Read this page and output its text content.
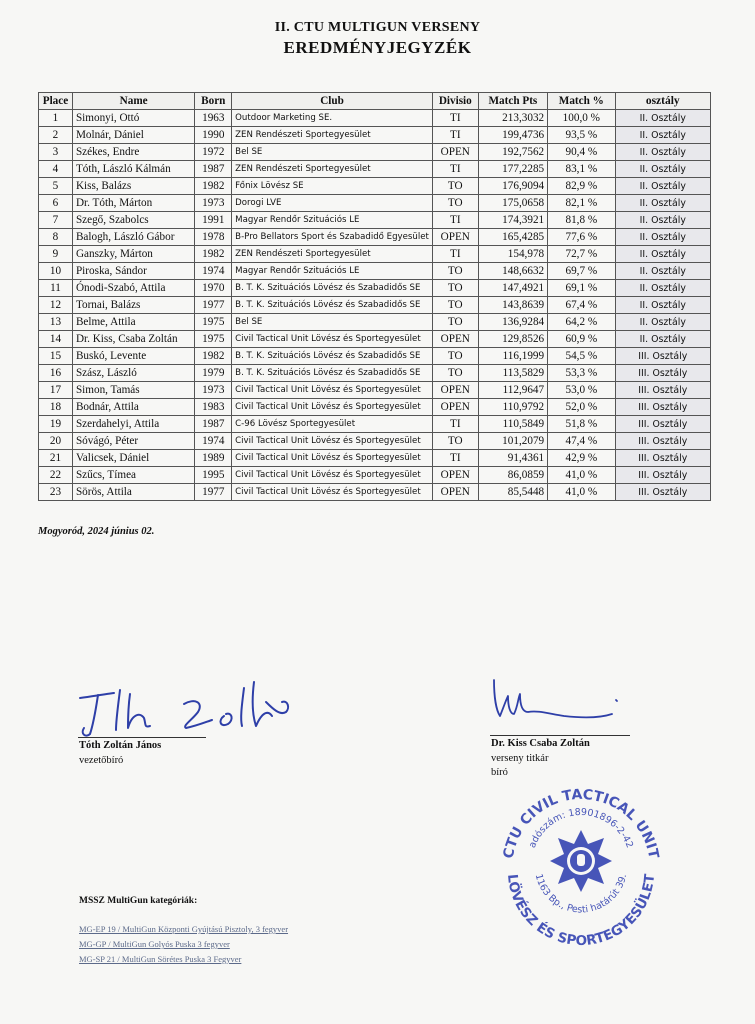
II. CTU MULTIGUN VERSENY
EREDMÉNYJEGYZÉK
Place	Name	Born	Club	Divisio	Match Pts	Match %	osztály
1	Simonyi, Ottó	1963	Outdoor Marketing SE.	TI	213,3032	100,0 %	II. Osztály
2	Molnár, Dániel	1990	ZEN Rendészeti Sportegyesület	TI	199,4736	93,5 %	II. Osztály
3	Székes, Endre	1972	Bel SE	OPEN	192,7562	90,4 %	II. Osztály
4	Tóth, László Kálmán	1987	ZEN Rendészeti Sportegyesület	TI	177,2285	83,1 %	II. Osztály
5	Kiss, Balázs	1982	Főnix Lövész SE	TO	176,9094	82,9 %	II. Osztály
6	Dr. Tóth, Márton	1973	Dorogi LVE	TO	175,0658	82,1 %	II. Osztály
7	Szegő, Szabolcs	1991	Magyar Rendőr Szituációs LE	TI	174,3921	81,8 %	II. Osztály
8	Balogh, László Gábor	1978	B-Pro Bellators Sport és Szabadidő Egyesület	OPEN	165,4285	77,6 %	II. Osztály
9	Ganszky, Márton	1982	ZEN Rendészeti Sportegyesület	TI	154,978	72,7 %	II. Osztály
10	Piroska, Sándor	1974	Magyar Rendőr Szituációs LE	TO	148,6632	69,7 %	II. Osztály
11	Ónodi-Szabó, Attila	1970	B. T. K. Szituációs Lövész és Szabadidős SE	TO	147,4921	69,1 %	II. Osztály
12	Tornai, Balázs	1977	B. T. K. Szituációs Lövész és Szabadidős SE	TO	143,8639	67,4 %	II. Osztály
13	Belme, Attila	1975	Bel SE	TO	136,9284	64,2 %	II. Osztály
14	Dr. Kiss, Csaba Zoltán	1975	Civil Tactical Unit Lövész és Sportegyesület	OPEN	129,8526	60,9 %	II. Osztály
15	Buskó, Levente	1982	B. T. K. Szituációs Lövész és Szabadidős SE	TO	116,1999	54,5 %	III. Osztály
16	Szász, László	1979	B. T. K. Szituációs Lövész és Szabadidős SE	TO	113,5829	53,3 %	III. Osztály
17	Simon, Tamás	1973	Civil Tactical Unit Lövész és Sportegyesület	OPEN	112,9647	53,0 %	III. Osztály
18	Bodnár, Attila	1983	Civil Tactical Unit Lövész és Sportegyesület	OPEN	110,9792	52,0 %	III. Osztály
19	Szerdahelyi, Attila	1987	C-96 Lövész Sportegyesület	TI	110,5849	51,8 %	III. Osztály
20	Sóvágó, Péter	1974	Civil Tactical Unit Lövész és Sportegyesület	TO	101,2079	47,4 %	III. Osztály
21	Valicsek, Dániel	1989	Civil Tactical Unit Lövész és Sportegyesület	TI	91,4361	42,9 %	III. Osztály
22	Szűcs, Tímea	1995	Civil Tactical Unit Lövész és Sportegyesület	OPEN	86,0859	41,0 %	III. Osztály
23	Sörös, Attila	1977	Civil Tactical Unit Lövész és Sportegyesület	OPEN	85,5448	41,0 %	III. Osztály
Mogyoród, 2024 június 02.
Tóth Zoltán János
vezetőbíró
Dr. Kiss Csaba Zoltán
verseny titkár
bíró
CTU CIVIL TACTICAL UNIT
adószám: 18901896-2-42
LÖVÉSZ ÉS SPORTEGYESÜLET
1163 Bp., Pesti határút 39.
MSSZ MultiGun kategóriák:
MG-EP 19 / MultiGun Központi Gyújtású Pisztoly, 3 fegyver
MG-GP / MultiGun Golyós Puska 3 fegyver
MG-SP 21 / MultiGun Sörétes Puska 3 Fegyver
